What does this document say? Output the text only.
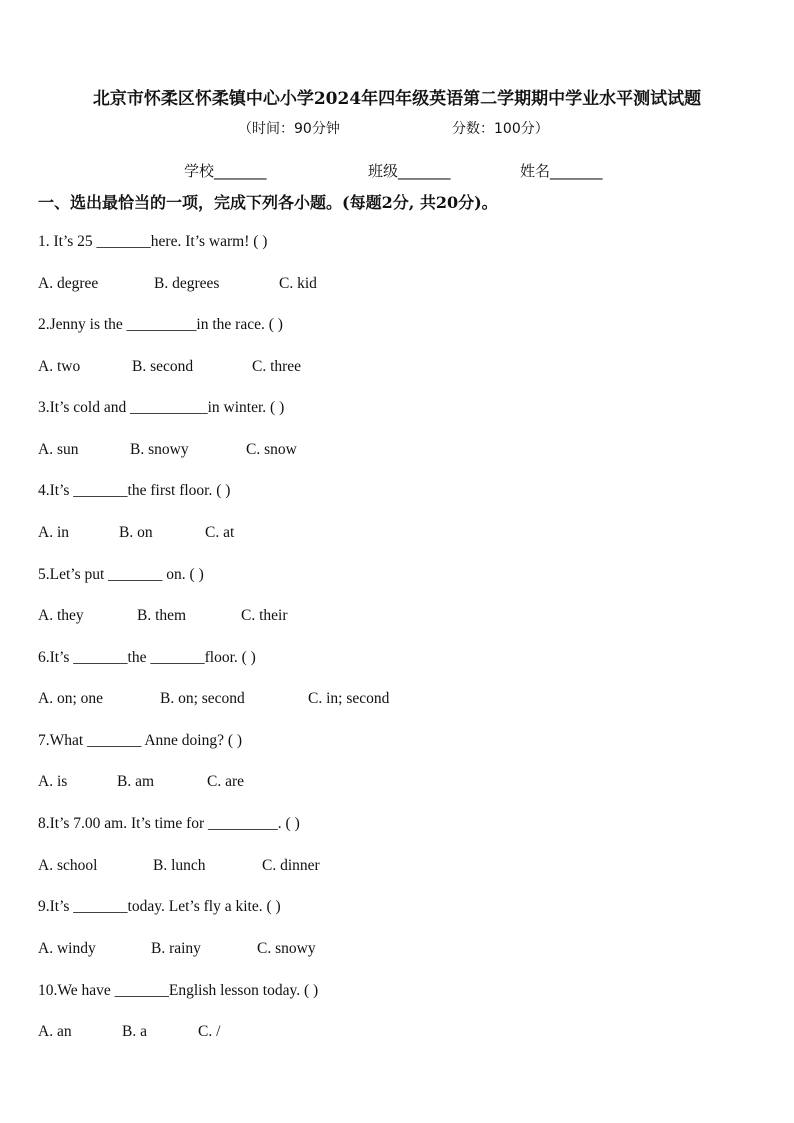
北京市怀柔区怀柔镇中心小学2024年四年级英语第二学期期中学业水平测试试题
（时间：90分钟	分数：100分）
学校_______	班级_______	姓名_______
一、选出最恰当的一项，完成下列各小题。(每题2分, 共20分)。
1. It’s 25 _______here. It’s warm! ( )
A. degree	B. degrees	C. kid
2.Jenny is the _________in the race. ( )
A. two	B. second	C. three
3.It’s cold and __________in winter. ( )
A. sun	B. snowy	C. snow
4.It’s _______the first floor. ( )
A. in	B. on	C. at
5.Let’s put _______ on. ( )
A. they	B. them	C. their
6.It’s _______the _______floor. ( )
A. on; one	B. on; second	C. in; second
7.What _______ Anne doing? ( )
A. is	B. am	C. are
8.It’s 7.00 am. It’s time for _________. ( )
A. school	B. lunch	C. dinner
9.It’s _______today. Let’s fly a kite. ( )
A. windy	B. rainy	C. snowy
10.We have _______English lesson today. ( )
A. an	B. a	C. /
